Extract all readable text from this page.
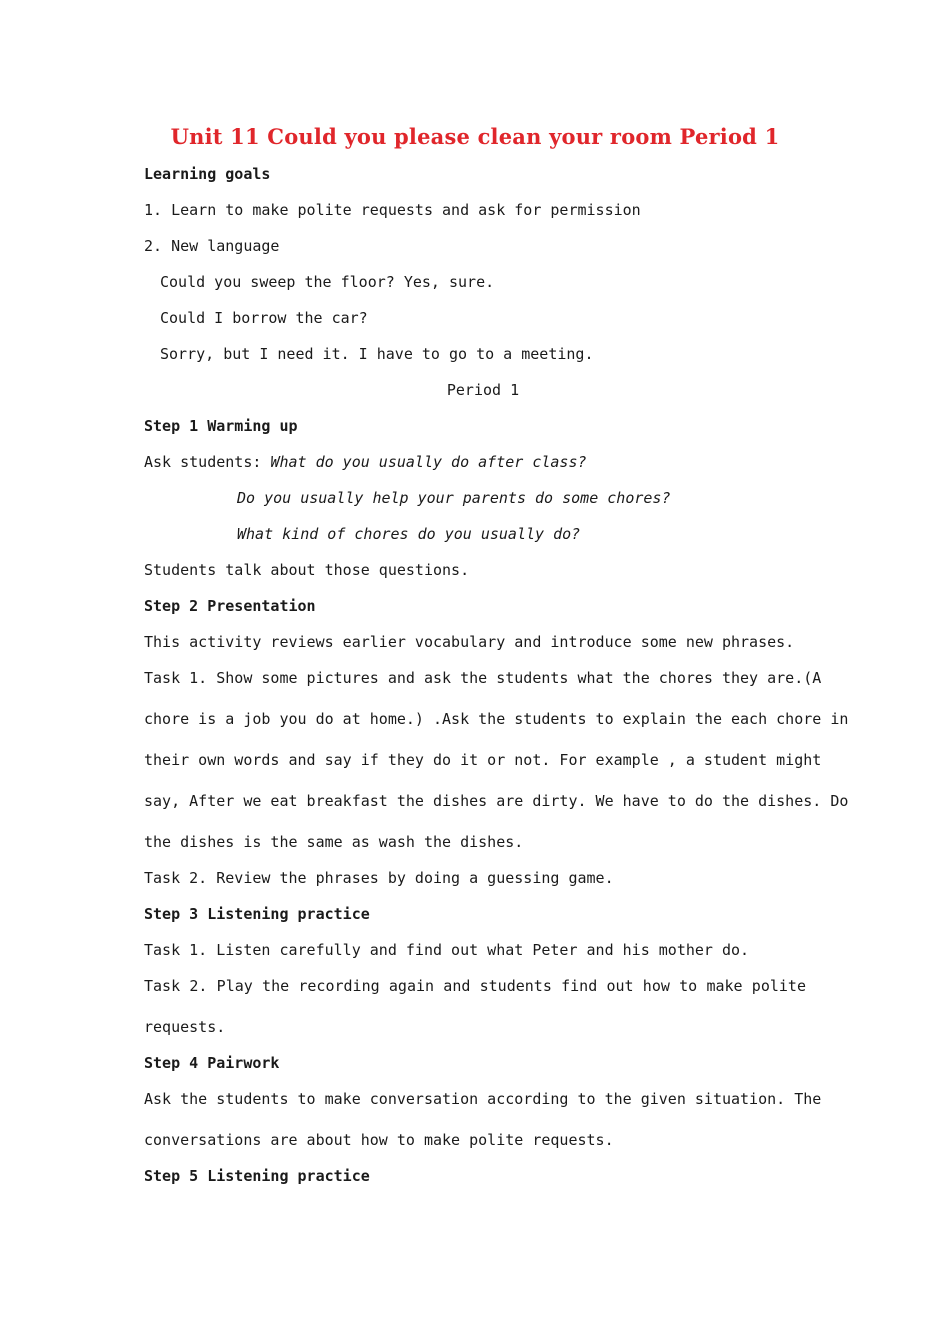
Unit 11 Could you please clean your room Period 1
Learning goals
1. Learn to make polite requests and ask for permission
2. New language
Could you sweep the floor? Yes, sure.
Could I borrow the car?
Sorry, but I need it. I have to go to a meeting.
Period 1
Step 1 Warming up
Ask students: What do you usually do after class?
Do you usually help your parents do some chores?
What kind of chores do you usually do?
Students talk about those questions.
Step 2 Presentation
This activity reviews earlier vocabulary and introduce some new phrases.
Task 1. Show some pictures and ask the students what the chores they are.(A
chore is a job you do at home.) .Ask the students to explain the each chore in
their own words and say if they do it or not. For example , a student might
say, After we eat breakfast the dishes are dirty. We have to do the dishes. Do
the dishes is the same as wash the dishes.
Task 2. Review the phrases by doing a guessing game.
Step 3 Listening practice
Task 1. Listen carefully and find out what Peter and his mother do.
Task 2. Play the recording again and students find out how to make polite
requests.
Step 4 Pairwork
Ask the students to make conversation according to the given situation. The
conversations are about how to make polite requests.
Step 5 Listening practice
